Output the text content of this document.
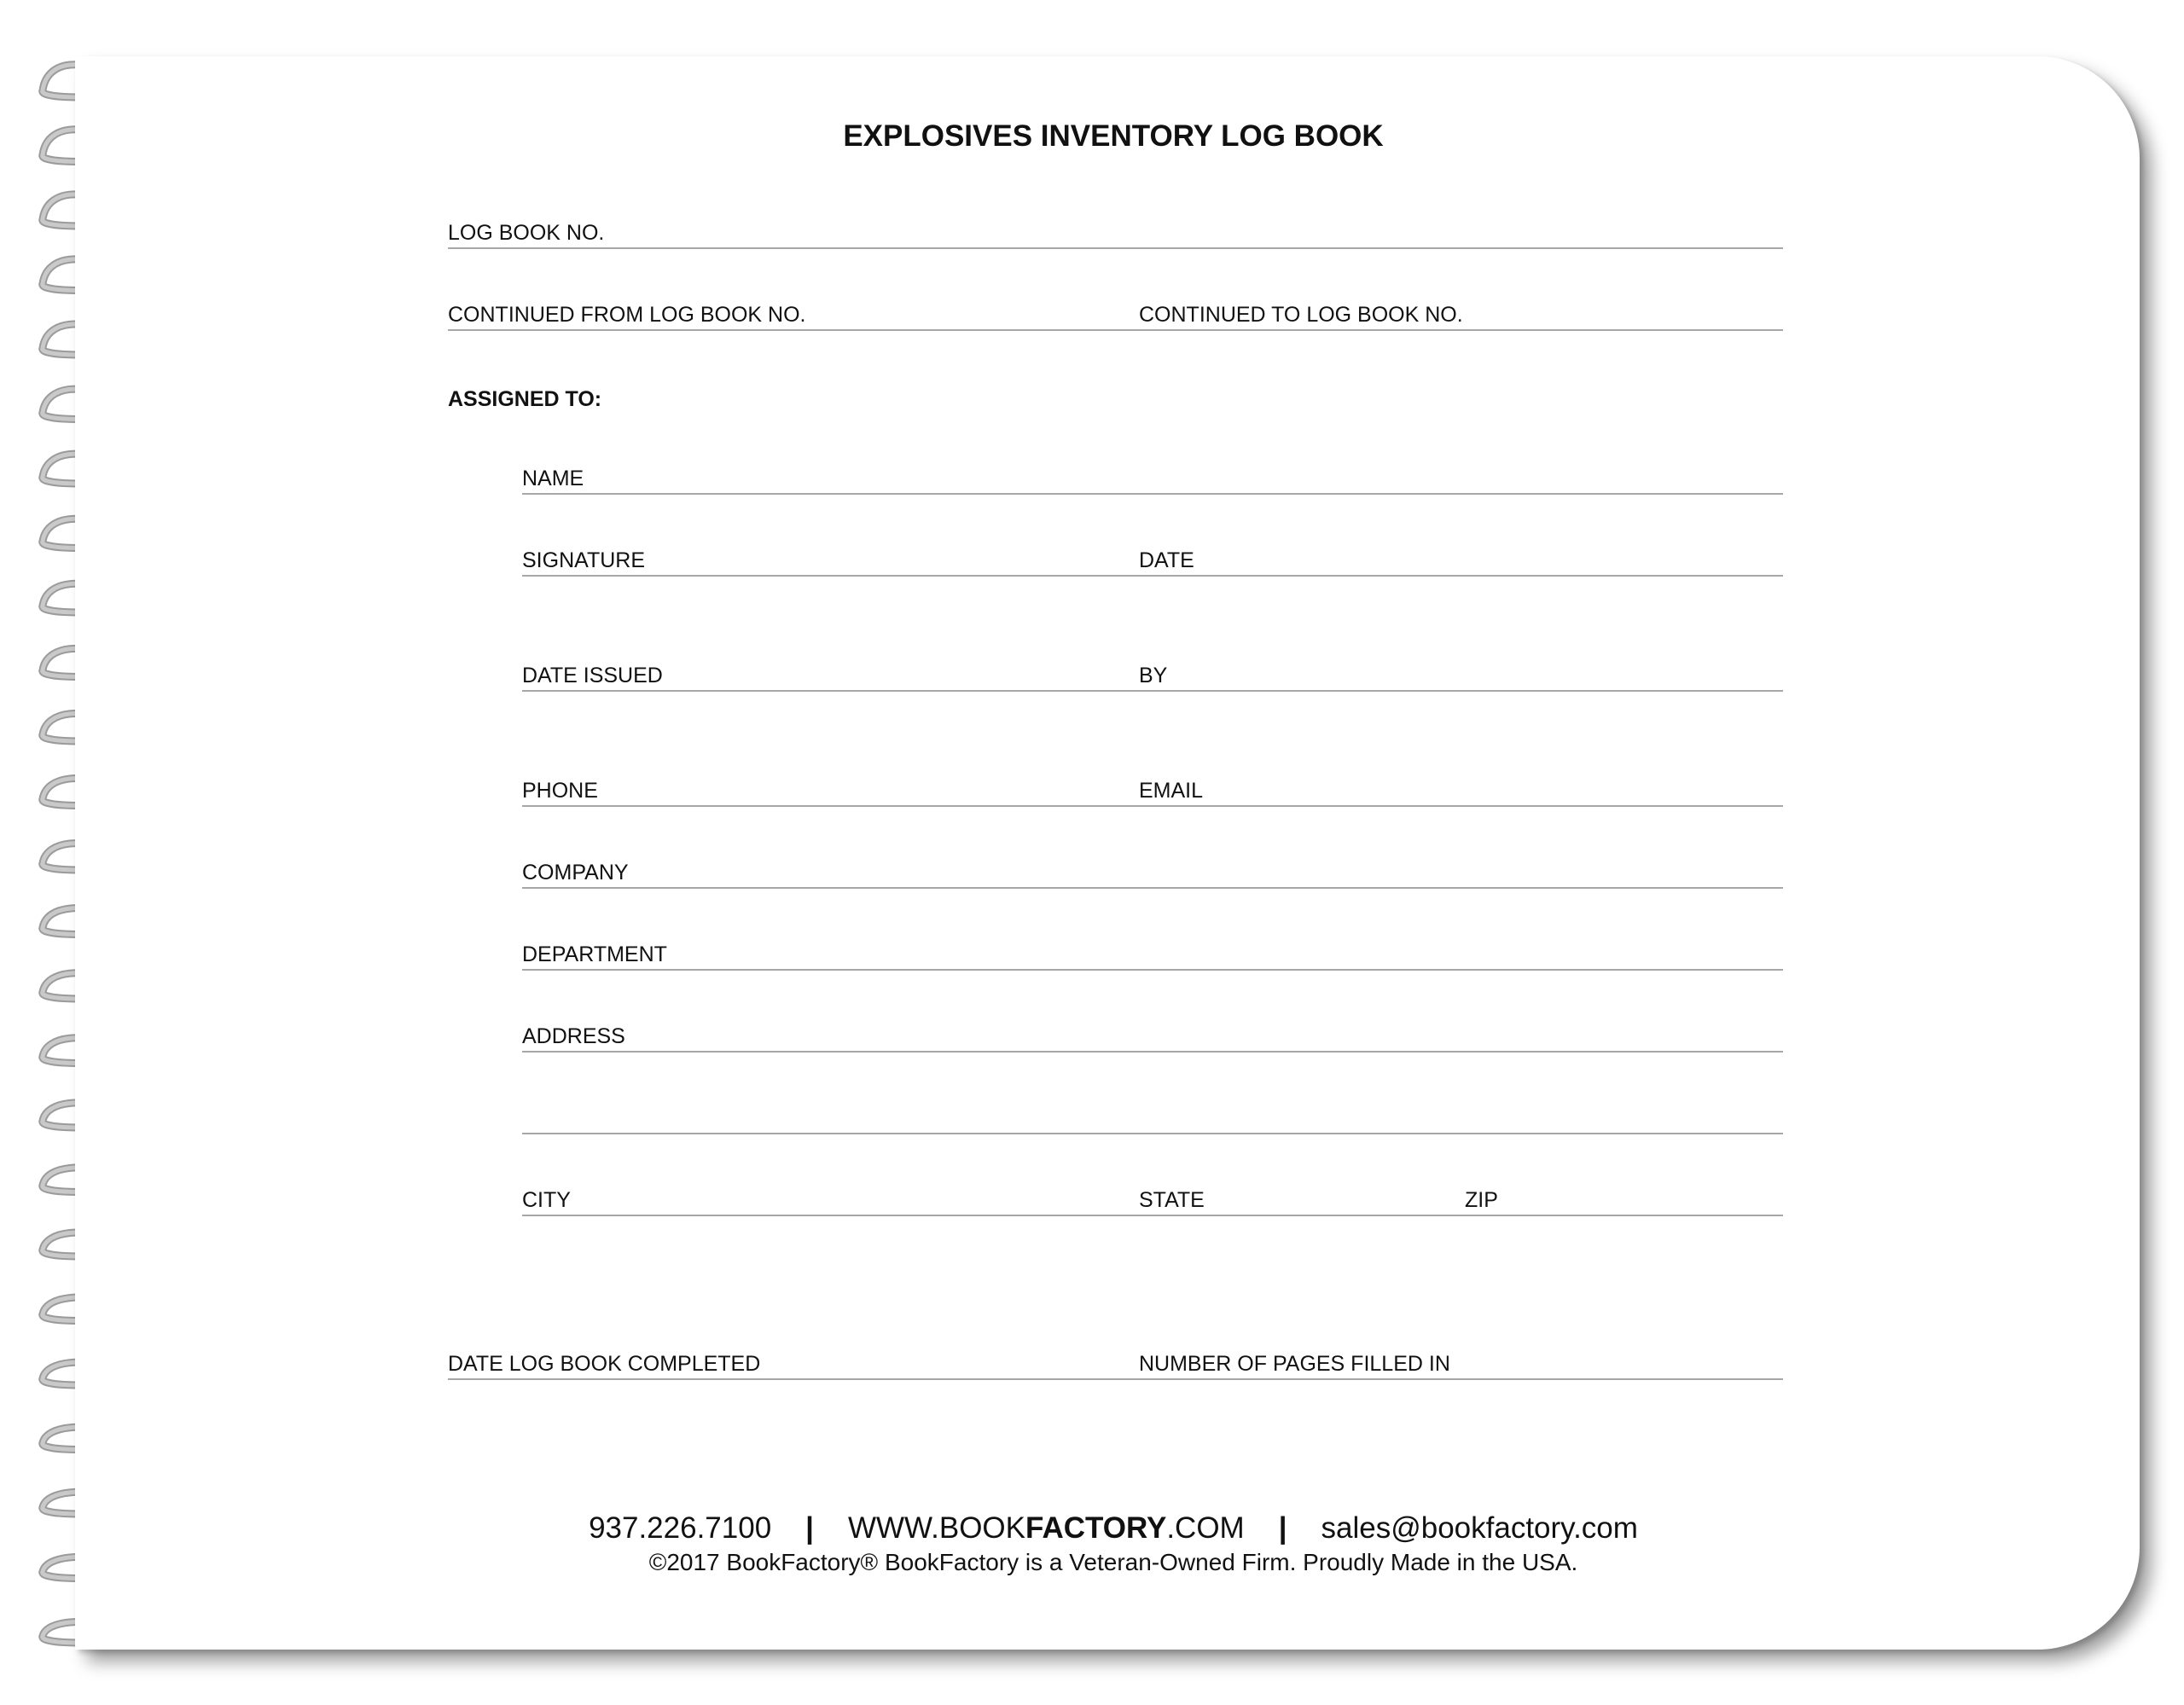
EXPLOSIVES INVENTORY LOG BOOK
LOG BOOK NO.
CONTINUED FROM LOG BOOK NO.	CONTINUED TO LOG BOOK NO.
ASSIGNED TO:
NAME
SIGNATURE	DATE
DATE ISSUED	BY
PHONE	EMAIL
COMPANY
DEPARTMENT
ADDRESS
CITY	STATE	ZIP
DATE LOG BOOK COMPLETED	NUMBER OF PAGES FILLED IN
937.226.7100 | WWW.BOOKFACTORY.COM | sales@bookfactory.com
©2017 BookFactory® BookFactory is a Veteran-Owned Firm. Proudly Made in the USA.
